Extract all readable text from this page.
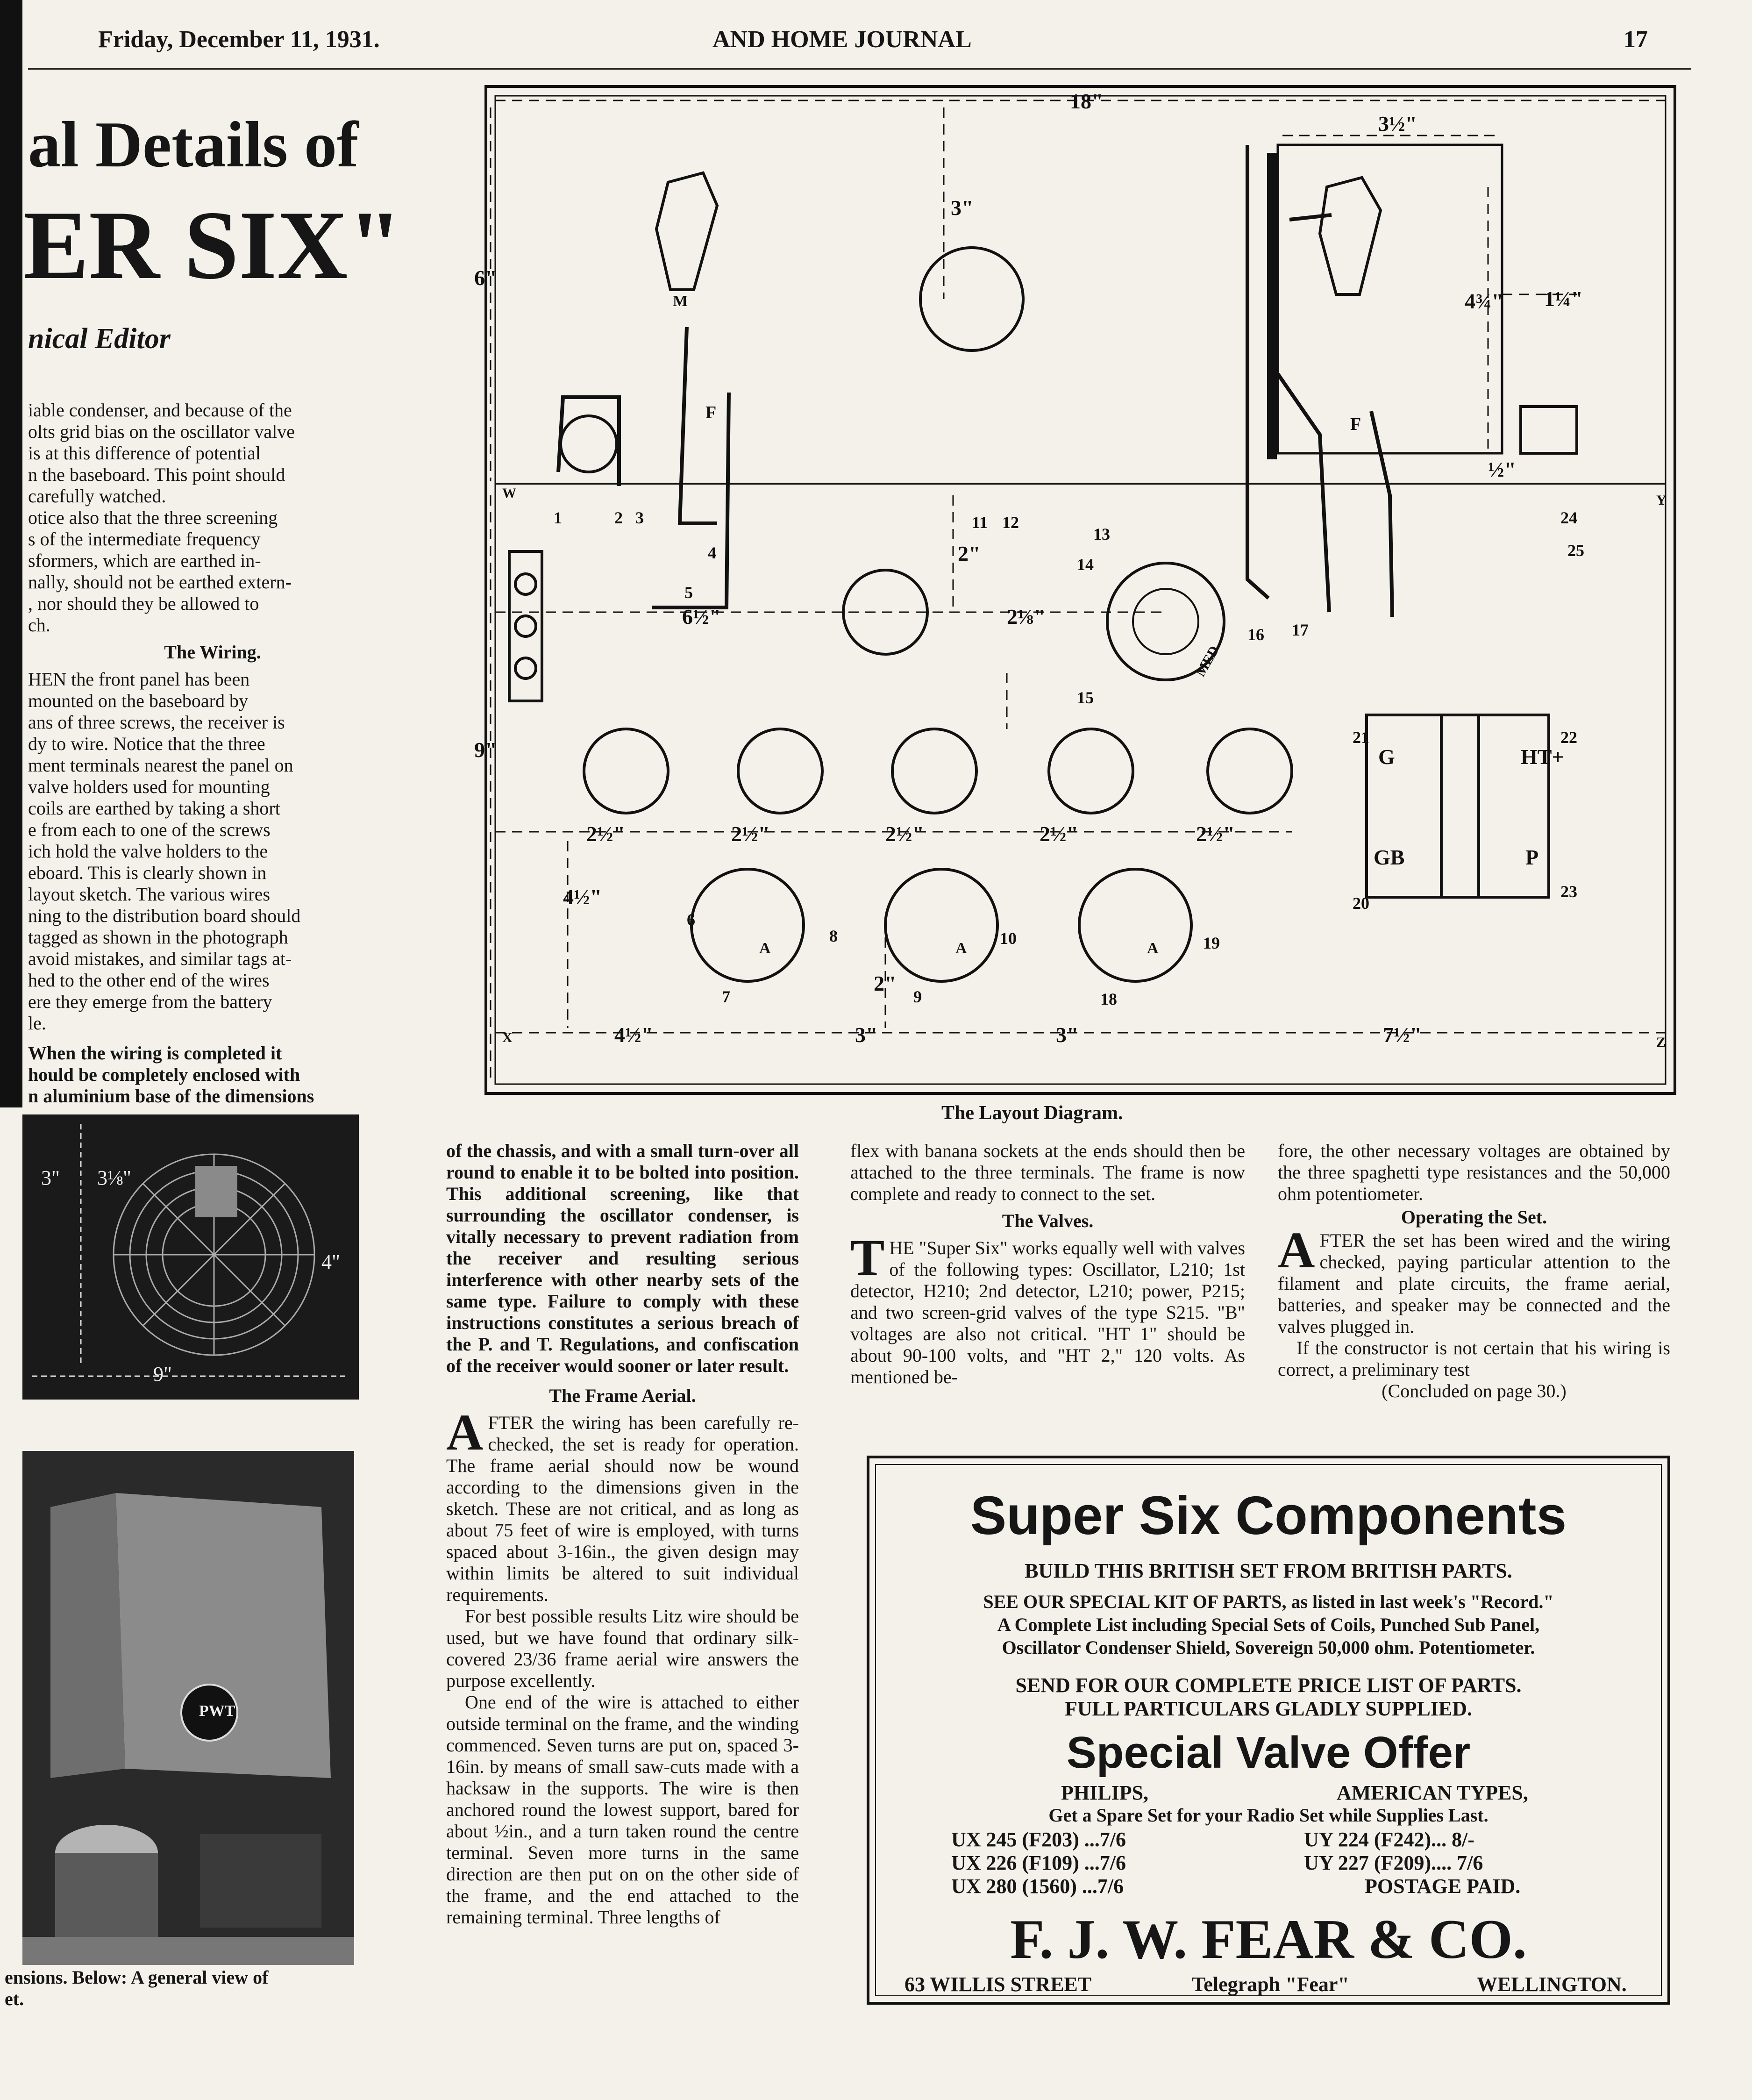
Friday, December 11, 1931.	AND HOME JOURNAL	17
al Details of
ER SIX"
nical Editor
iable condenser, and because of the
olts grid bias on the oscillator valve
is at this difference of potential
n the baseboard. This point should
carefully watched.
otice also that the three screening
s of the intermediate frequency
sformers, which are earthed in-
nally, should not be earthed extern-
, nor should they be allowed to
ch.
The Wiring.
HEN the front panel has been
mounted on the baseboard by
ans of three screws, the receiver is
dy to wire. Notice that the three
ment terminals nearest the panel on
valve holders used for mounting
coils are earthed by taking a short
e from each to one of the screws
ich hold the valve holders to the
eboard. This is clearly shown in
layout sketch. The various wires
ning to the distribution board should
tagged as shown in the photograph
avoid mistakes, and similar tags at-
hed to the other end of the wires
ere they emerge from the battery
le.
When the wiring is completed it
hould be completely enclosed with
n aluminium base of the dimensions
3" 3⅛"
4"
9"
PWT
ensions. Below: A general view of
et.

of the chassis, and with a small turn-over all round to enable it to be bolted into position. This additional screening, like that surrounding the oscillator condenser, is vitally necessary to prevent radiation from the receiver and resulting serious interference with other nearby sets of the same type. Failure to comply with these instructions constitutes a serious breach of the P. and T. Regulations, and confiscation of the receiver would sooner or later result.

The Frame Aerial.

AFTER the wiring has been carefully re-checked, the set is ready for operation. The frame aerial should now be wound according to the dimensions given in the sketch. These are not critical, and as long as about 75 feet of wire is employed, with turns spaced about 3-16in., the given design may within limits be altered to suit individual requirements.

For best possible results Litz wire should be used, but we have found that ordinary silk-covered 23/36 frame aerial wire answers the purpose excellently.

One end of the wire is attached to either outside terminal on the frame, and the winding commenced. Seven turns are put on, spaced 3-16in. by means of small saw-cuts made with a hacksaw in the supports. The wire is then anchored round the lowest support, bared for about ½in., and a turn taken round the centre terminal. Seven more turns in the same direction are then put on on the other side of the frame, and the end attached to the remaining terminal. Three lengths of

flex with banana sockets at the ends should then be attached to the three terminals. The frame is now complete and ready to connect to the set.

The Valves.

THE "Super Six" works equally well with valves of the following types: Oscillator, L210; 1st detector, H210; 2nd detector, L210; power, P215; and two screen-grid valves of the type S215. "B" voltages are also not critical. "HT 1" should be about 90-100 volts, and "HT 2," 120 volts. As mentioned be-

fore, the other necessary voltages are obtained by the three spaghetti type resistances and the 50,000 ohm potentiometer.

Operating the Set.

AFTER the set has been wired and the wiring checked, paying particular attention to the filament and plate circuits, the frame aerial, batteries, and speaker may be connected and the valves plugged in.

If the constructor is not certain that his wiring is correct, a preliminary test

(Concluded on page 30.)
18"
3½"
3"
6"
4¾" 1¼"
½"
2"
6½"	2⅛"
9"
2½"	2½"	2½"	2½"	2½"
4½"
2"
4½"	3"	3"	7½"
A	A
A
G	HT+
GB	P
M
F
F
W	Y
X	Z
MED
1	2 3
4
5
6
7
8
9
10
11 12
13
14
15
16 17
18
19
20
21	22
23
24
25
The Layout Diagram.
Super Six Components
BUILD THIS BRITISH SET FROM BRITISH PARTS.
SEE OUR SPECIAL KIT OF PARTS, as listed in last week's "Record."
A Complete List including Special Sets of Coils, Punched Sub Panel,
Oscillator Condenser Shield, Sovereign 50,000 ohm. Potentiometer.
SEND FOR OUR COMPLETE PRICE LIST OF PARTS.
FULL PARTICULARS GLADLY SUPPLIED.
Special Valve Offer
PHILIPS,	AMERICAN TYPES,
Get a Spare Set for your Radio Set while Supplies Last.
UX 245 (F203) ...7/6	UY 224 (F242)... 8/-
UX 226 (F109) ...7/6	UY 227 (F209).... 7/6
UX 280 (1560) ...7/6	POSTAGE PAID.
F. J. W. FEAR & CO.
63 WILLIS STREET	Telegraph "Fear"	WELLINGTON.
